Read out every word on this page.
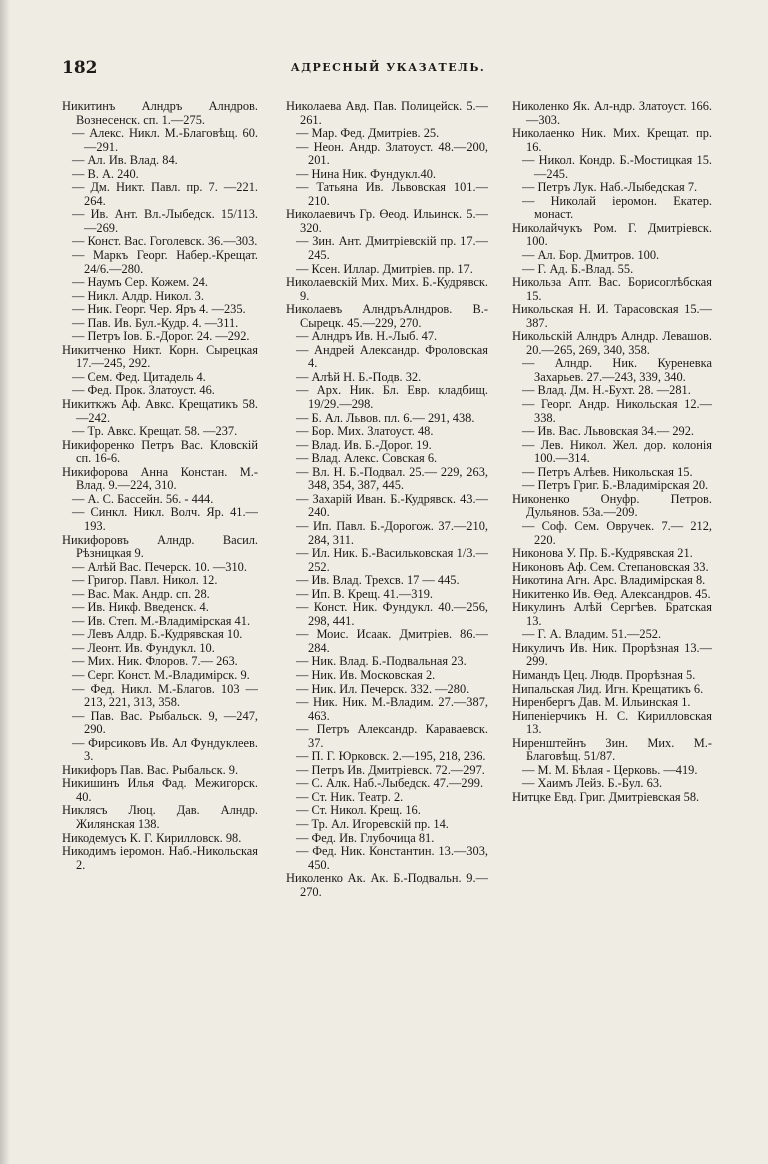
182	АДРЕСНЫЙ УКАЗАТЕЛЬ.
Никитинъ Алндръ Алндров. Вознесенск. сп. 1.—275.
— Алекс. Никл. М.-Благовѣщ. 60.—291.
— Ал. Ив. Влад. 84.
— В. А. 240.
— Дм. Никт. Павл. пр. 7. —221. 264.
— Ив. Ант. Вл.-Лыбедск. 15/113.—269.
— Конст. Вас. Гоголевск. 36.—303.
— Маркъ Георг. Набер.-Крещат. 24/6.—280.
— Наумъ Сер. Кожем. 24.
— Никл. Алдр. Никол. 3.
— Ник. Георг. Чер. Яръ 4. —235.
— Пав. Ив. Бул.-Кудр. 4. —311.
— Петръ Іов. Б.-Дорог. 24. —292.
Никитченко Никт. Корн. Сырецкая 17.—245, 292.
— Сем. Фед. Цитадель 4.
— Фед. Прок. Златоуст. 46.
Никиткжъ Аф. Авкс. Крещатикъ 58.—242.
— Тр. Авкс. Крещат. 58. —237.
Никифоренко Петръ Вас. Кловскій сп. 16-6.
Никифорова Анна Констан. М.-Влад. 9.—224, 310.
— А. С. Бассейн. 56. - 444.
— Синкл. Никл. Волч. Яр. 41.—193.
Никифоровъ Алндр. Васил. Рѣзницкая 9.
— Алѣй Вас. Печерск. 10. —310.
— Григор. Павл. Никол. 12.
— Вас. Мак. Андр. сп. 28.
— Ив. Никф. Введенск. 4.
— Ив. Степ. М.-Владимірская 41.
— Левъ Алдр. Б.-Кудрявская 10.
— Леонт. Ив. Фундукл. 10.
— Мих. Ник. Флоров. 7.— 263.
— Серг. Конст. М.-Владимірск. 9.
— Фед. Никл. М.-Благов. 103 —213, 221, 313, 358.
— Пав. Вас. Рыбальск. 9, —247, 290.
— Фирсиковъ Ив. Ал Фундуклеев. 3.
Никифоръ Пав. Вас. Рыбальск. 9.
Никишинъ Илья Фад. Межигорск. 40.
Никлясъ Люц. Дав. Алндр. Жилянская 138.
Никодемусъ К. Г. Кирилловск. 98.
Никодимъ іеромон. Наб.-Никольская 2.
Николаева Авд. Пав. Полицейск. 5.—261.
— Мар. Фед. Дмитріев. 25.
— Неон. Андр. Златоуст. 48.—200, 201.
— Нина Ник. Фундукл.40.
— Татьяна Ив. Львовская 101.—210.
Николаевичъ Гр. Өеод. Ильинск. 5.—320.
— Зин. Ант. Дмитріевскій пр. 17.—245.
— Ксен. Иллар. Дмитріев. пр. 17.
Николаевскій Мих. Мих. Б.-Кудрявск. 9.
Николаевъ АлндръАлндров. В.-Сырецк. 45.—229, 270.
— Алндръ Ив. Н.-Лыб. 47.
— Андрей Александр. Фроловская 4.
— Алѣй Н. Б.-Подв. 32.
— Арх. Ник. Бл. Евр. кладбищ. 19/29.—298.
— Б. Ал. Львов. пл. 6.— 291, 438.
— Бор. Мих. Златоуст. 48.
— Влад. Ив. Б.-Дорог. 19.
— Влад. Алекс. Совская 6.
— Вл. Н. Б.-Подвал. 25.— 229, 263, 348, 354, 387, 445.
— Захарій Иван. Б.-Кудрявск. 43.—240.
— Ип. Павл. Б.-Дорогож. 37.—210, 284, 311.
— Ил. Ник. Б.-Васильковская 1/3.—252.
— Ив. Влад. Трехсв. 17 — 445.
— Ип. В. Крещ. 41.—319.
— Конст. Ник. Фундукл. 40.—256, 298, 441.
— Моис. Исаак. Дмитріев. 86.—284.
— Ник. Влад. Б.-Подвальная 23.
— Ник. Ив. Московская 2.
— Ник. Ил. Печерск. 332. —280.
— Ник. Ник. М.-Владим. 27.—387, 463.
— Петръ Александр. Караваевск. 37.
— П. Г. Юрковск. 2.—195, 218, 236.
— Петръ Ив. Дмитріевск. 72.—297.
— С. Алк. Наб.-Лыбедск. 47.—299.
— Ст. Ник. Театр. 2.
— Ст. Никол. Крещ. 16.
— Тр. Ал. Игоревскій пр. 14.
— Фед. Ив. Глубочица 81.
— Фед. Ник. Константин. 13.—303, 450.
Николенко Ак. Ак. Б.-Подвальн. 9.—270.
Николенко Як. Ал-ндр. Златоуст. 166.—303.
Николаенко Ник. Мих. Крещат. пр. 16.
— Никол. Кондр. Б.-Мостицкая 15.—245.
— Петръ Лук. Наб.-Лыбедская 7.
— Николай іеромон. Екатер. монаст.
Николайчукъ Ром. Г. Дмитріевск. 100.
— Ал. Бор. Дмитров. 100.
— Г. Ад. Б.-Влад. 55.
Никольза Апт. Вас. Борисоглѣбская 15.
Никольская Н. И. Тарасовская 15.—387.
Никольскій Алндръ Алндр. Левашов. 20.—265, 269, 340, 358.
— Алндр. Ник. Куреневка Захарьев. 27.—243, 339, 340.
— Влад. Дм. Н.-Бухт. 28. —281.
— Георг. Андр. Никольская 12.—338.
— Ив. Вас. Львовская 34.— 292.
— Лев. Никол. Жел. дор. колонія 100.—314.
— Петръ Алѣев. Никольская 15.
— Петръ Григ. Б.-Владимірская 20.
Никоненко Онуфр. Петров. Дульянов. 53а.—209.
— Соф. Сем. Овручек. 7.— 212, 220.
Никонова У. Пр. Б.-Кудрявская 21.
Никоновъ Аф. Сем. Степановская 33.
Никотина Агн. Арс. Владимірская 8.
Никитенко Ив. Өед. Александров. 45.
Никулинъ Алѣй Сергѣев. Братская 13.
— Г. А. Владим. 51.—252.
Никуличъ Ив. Ник. Прорѣзная 13.—299.
Нимандъ Цец. Людв. Прорѣзная 5.
Нипальская Лид. Игн. Крещатикъ 6.
Ниренбергъ Дав. М. Ильинская 1.
Нипеніерчикъ Н. С. Кирилловская 13.
Ниренштейнъ Зин. Мих. М.-Благовѣщ. 51/87.
— М. М. Бѣлая - Церковь. —419.
— Хаимъ Лейз. Б.-Бул. 63.
Нитцке Евд. Григ. Дмитріевская 58.
